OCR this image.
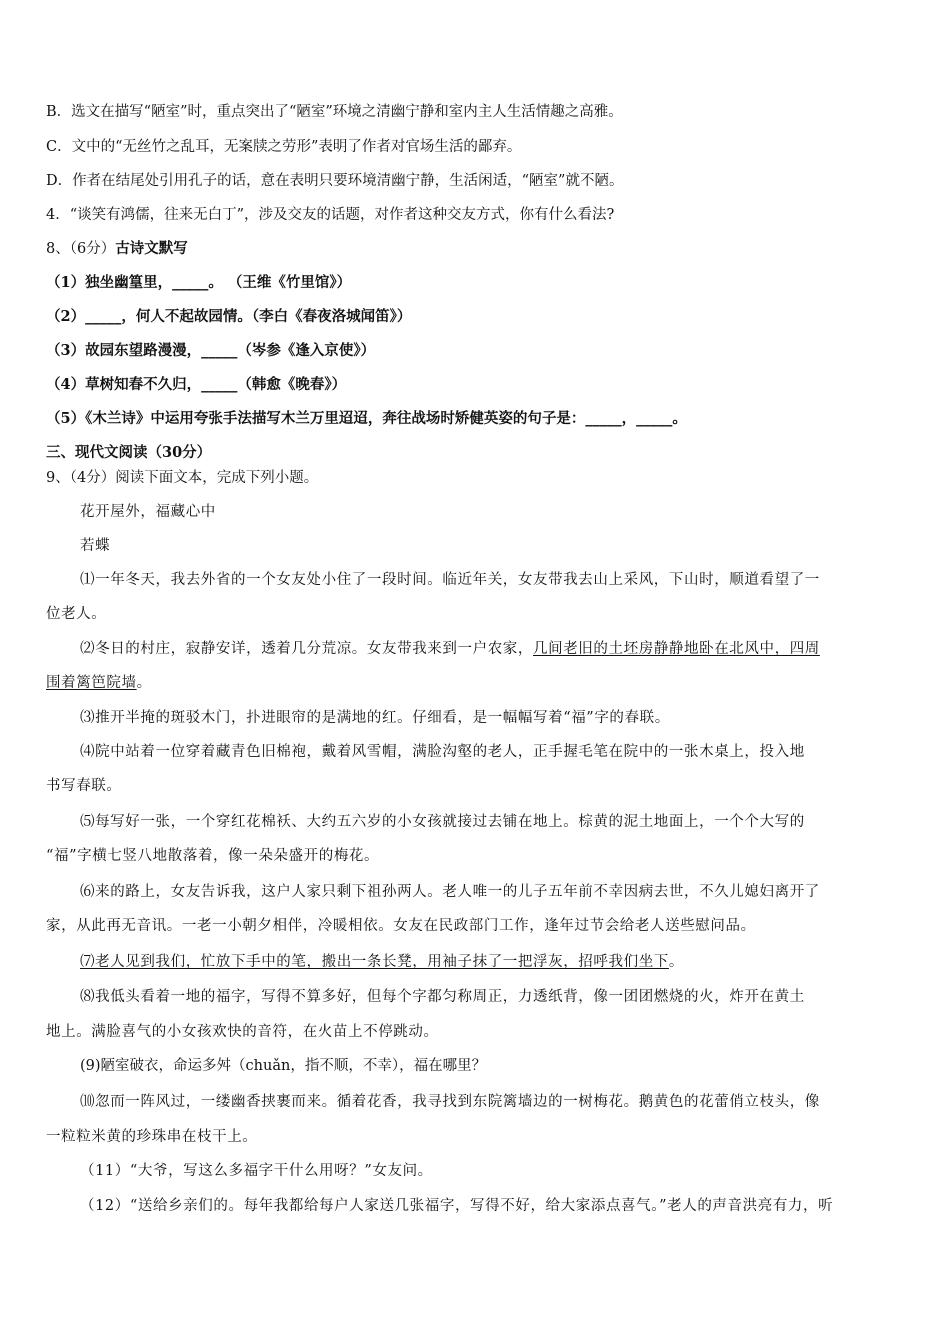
B．选文在描写“陋室”时，重点突出了“陋室”环境之清幽宁静和室内主人生活情趣之高雅。
C．文中的“无丝竹之乱耳，无案牍之劳形”表明了作者对官场生活的鄙弃。
D．作者在结尾处引用孔子的话，意在表明只要环境清幽宁静，生活闲适，“陋室”就不陋。
4．“谈笑有鸿儒，往来无白丁”，涉及交友的话题，对作者这种交友方式，你有什么看法?
8、（6分）古诗文默写
（1）独坐幽篁里，_____。 （王维《竹里馆》）
（2）_____，何人不起故园情。（李白《春夜洛城闻笛》）
（3）故园东望路漫漫，_____（岑参《逢入京使》）
（4）草树知春不久归，_____（韩愈《晚春》）
（5）《木兰诗》中运用夸张手法描写木兰万里迢迢，奔往战场时矫健英姿的句子是：_____，_____。
三、现代文阅读（30分）
9、（4分）阅读下面文本，完成下列小题。
花开屋外，福藏心中
若蝶
⑴一年冬天，我去外省的一个女友处小住了一段时间。临近年关，女友带我去山上采风，下山时，顺道看望了一
位老人。
⑵冬日的村庄，寂静安详，透着几分荒凉。女友带我来到一户农家，几间老旧的土坯房静静地卧在北风中，四周
围着篱笆院墙。
⑶推开半掩的斑驳木门，扑进眼帘的是满地的红。仔细看，是一幅幅写着“福”字的春联。
⑷院中站着一位穿着藏青色旧棉袍，戴着风雪帽，满脸沟壑的老人，正手握毛笔在院中的一张木桌上，投入地
书写春联。
⑸每写好一张，一个穿红花棉袄、大约五六岁的小女孩就接过去铺在地上。棕黄的泥土地面上，一个个大写的
“福”字横七竖八地散落着，像一朵朵盛开的梅花。
⑹来的路上，女友告诉我，这户人家只剩下祖孙两人。老人唯一的儿子五年前不幸因病去世，不久儿媳妇离开了
家，从此再无音讯。一老一小朝夕相伴，冷暖相依。女友在民政部门工作，逢年过节会给老人送些慰问品。
⑺老人见到我们，忙放下手中的笔，搬出一条长凳，用袖子抹了一把浮灰，招呼我们坐下。
⑻我低头看着一地的福字，写得不算多好，但每个字都匀称周正，力透纸背，像一团团燃烧的火，炸开在黄土
地上。满脸喜气的小女孩欢快的音符，在火苗上不停跳动。
(9)陋室破衣，命运多舛（chuǎn，指不顺，不幸），福在哪里？
⑽忽而一阵风过，一缕幽香挟裹而来。循着花香，我寻找到东院篱墙边的一树梅花。鹅黄色的花蕾俏立枝头，像
一粒粒米黄的珍珠串在枝干上。
（11）“大爷，写这么多福字干什么用呀？”女友问。
（12）“送给乡亲们的。每年我都给每户人家送几张福字，写得不好，给大家添点喜气。”老人的声音洪亮有力，听
